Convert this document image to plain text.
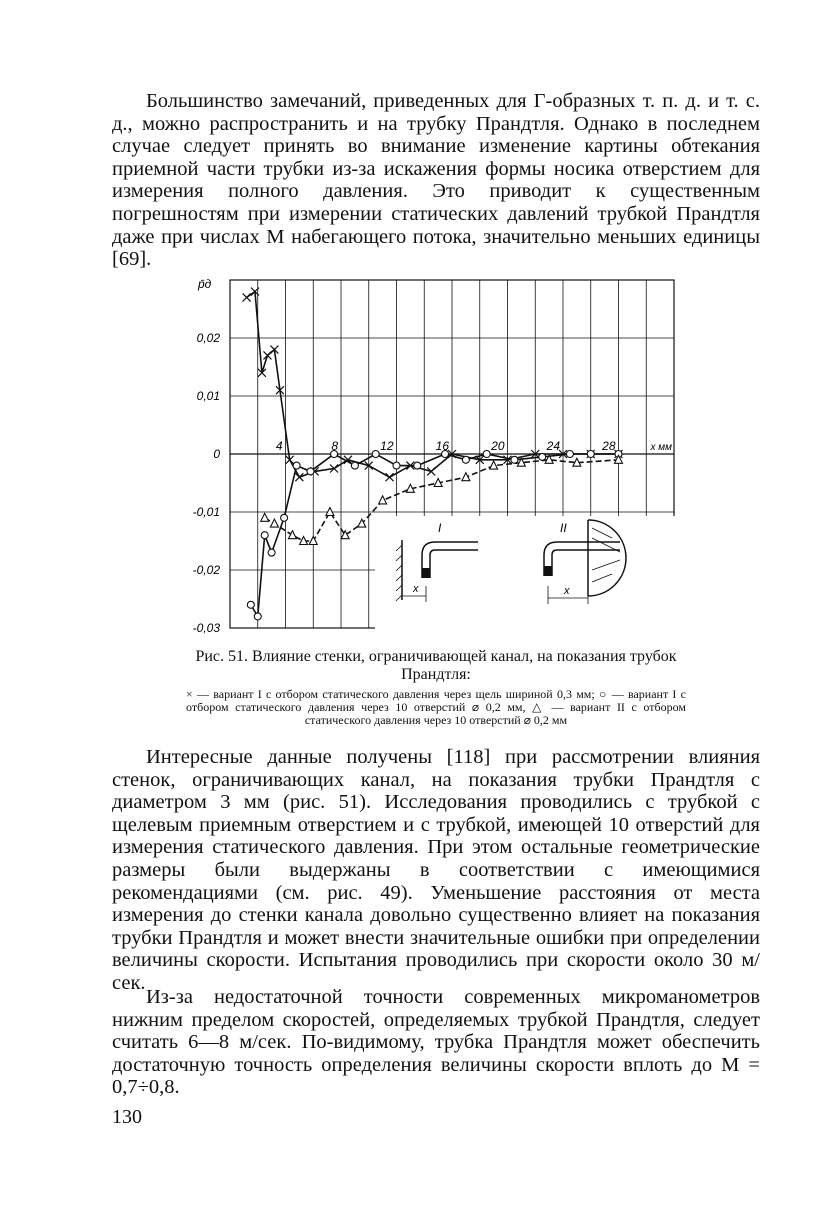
Большинство замечаний, приведенных для Г-образных т. п. д. и т. с. д., можно распространить и на трубку Прандтля. Однако в последнем случае следует принять во внимание изменение картины обтекания приемной части трубки из-за искажения формы носика отверстием для измерения полного давления. Это приводит к существенным погрешностям при измерении статических давлений трубкой Прандтля даже при числах M набегающего потока, значительно меньших единицы [69].

I	II
x	x
0,02
0,01
0
-0,01
-0,02
-0,03
4	8	12	16	20	24	28	x мм
p̄д
Рис. 51. Влияние стенки, ограничивающей канал, на показания трубок Прандтля:
× — вариант I с отбором статического давления через щель шириной 0,3 мм; ○ — вариант I с отбором статического давления через 10 отверстий ⌀ 0,2 мм, △ — вариант II с отбором статического давления через 10 отверстий ⌀ 0,2 мм

Интересные данные получены [118] при рассмотрении влияния стенок, ограничивающих канал, на показания трубки Прандтля с диаметром 3 мм (рис. 51). Исследования проводились с трубкой с щелевым приемным отверстием и с трубкой, имеющей 10 отверстий для измерения статического давления. При этом остальные геометрические размеры были выдержаны в соответствии с имеющимися рекомендациями (см. рис. 49). Уменьшение расстояния от места измерения до стенки канала довольно существенно влияет на показания трубки Прандтля и может внести значительные ошибки при определении величины скорости. Испытания проводились при скорости около 30 м/сек.

Из-за недостаточной точности современных микроманометров нижним пределом скоростей, определяемых трубкой Прандтля, следует считать 6—8 м/сек. По-видимому, трубка Прандтля может обеспечить достаточную точность определения величины скорости вплоть до M = 0,7÷0,8.

130
